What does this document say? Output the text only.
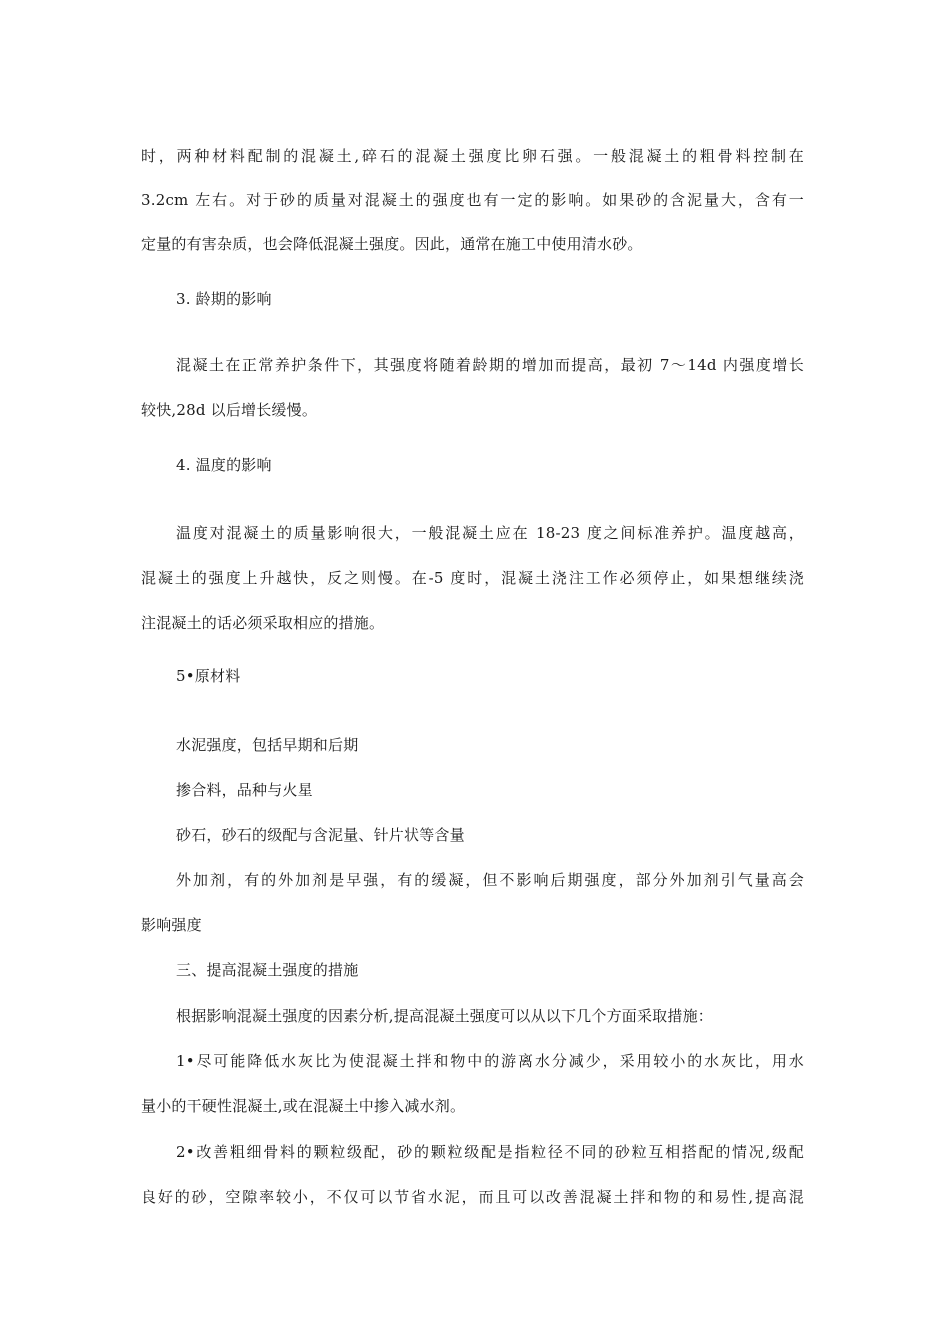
时，两种材料配制的混凝土,碎石的混凝土强度比卵石强。一般混凝土的粗骨料控制在
3.2cm 左右。对于砂的质量对混凝土的强度也有一定的影响。如果砂的含泥量大，含有一
定量的有害杂质，也会降低混凝土强度。因此，通常在施工中使用清水砂。
3. 龄期的影响
混凝土在正常养护条件下，其强度将随着龄期的增加而提高，最初 7～14d 内强度增长
较快,28d 以后增长缓慢。
4. 温度的影响
温度对混凝土的质量影响很大，一般混凝土应在 18-23 度之间标准养护。温度越高，
混凝土的强度上升越快，反之则慢。在-5 度时，混凝土浇注工作必须停止，如果想继续浇
注混凝土的话必须采取相应的措施。
5•原材料
水泥强度，包括早期和后期
掺合料，品种与火星
砂石，砂石的级配与含泥量、针片状等含量
外加剂，有的外加剂是早强，有的缓凝，但不影响后期强度，部分外加剂引气量高会
影响强度
三、提高混凝土强度的措施
根据影响混凝土强度的因素分析,提高混凝土强度可以从以下几个方面采取措施：
1•尽可能降低水灰比为使混凝土拌和物中的游离水分减少，采用较小的水灰比，用水
量小的干硬性混凝土,或在混凝土中掺入减水剂。
2•改善粗细骨料的颗粒级配，砂的颗粒级配是指粒径不同的砂粒互相搭配的情况,级配
良好的砂，空隙率较小，不仅可以节省水泥，而且可以改善混凝土拌和物的和易性,提高混
